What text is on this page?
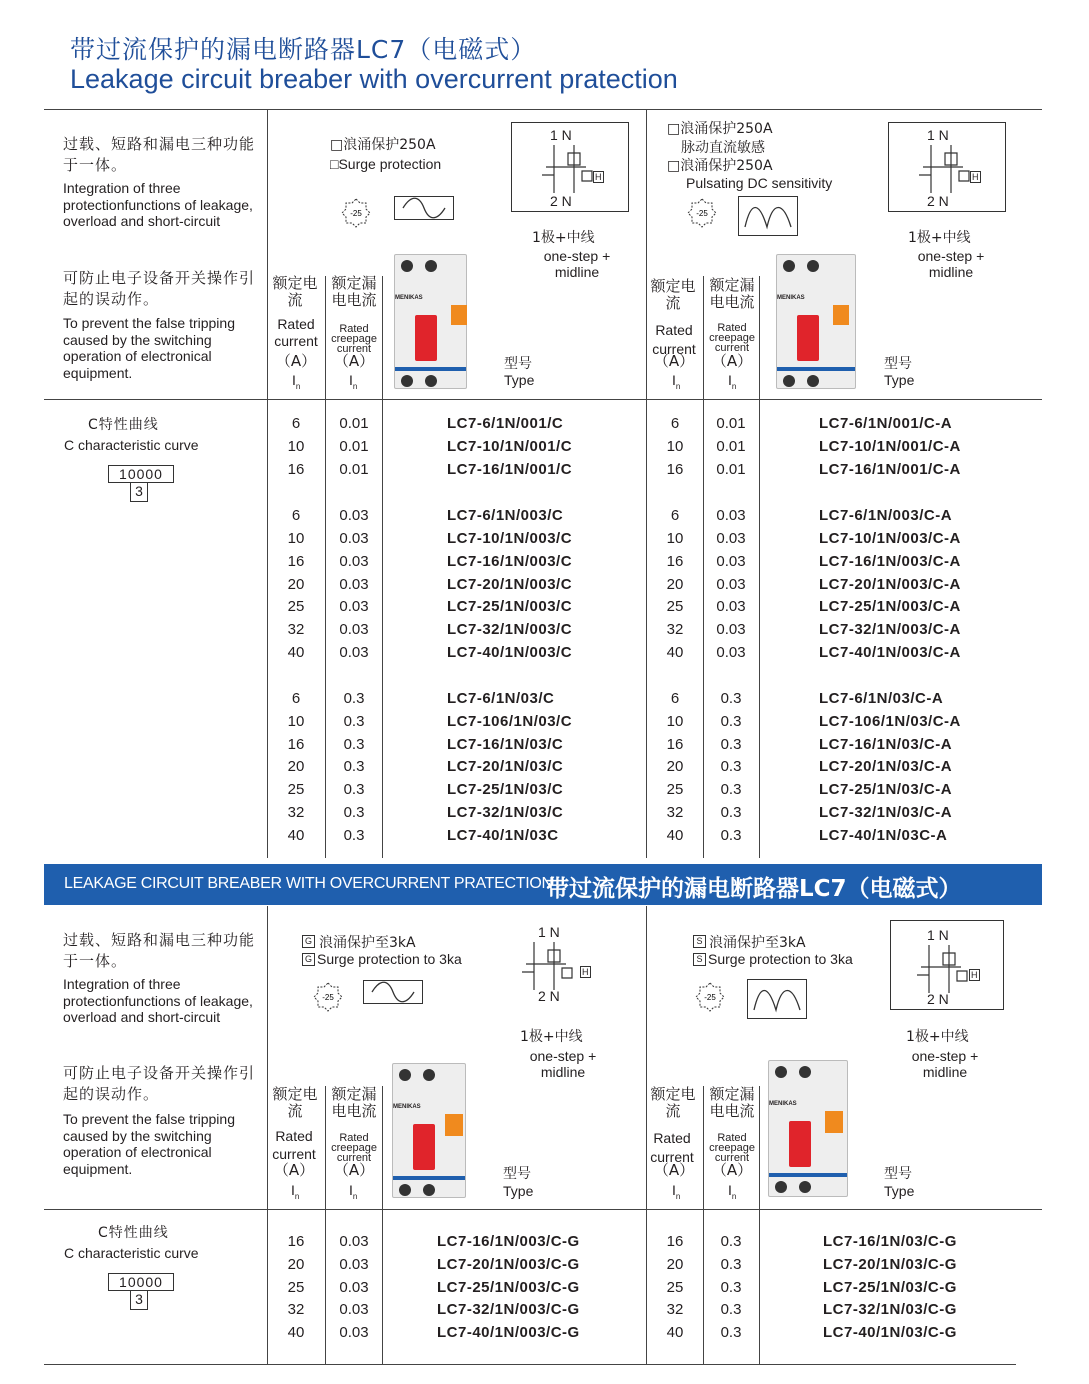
带过流保护的漏电断路器LC7（电磁式）
Leakage circuit breaber with overcurrent pratection
过载、短路和漏电三种功能于一体。
Integration of three protectionfunctions of leakage, overload and short-circuit
可防止电子设备开关操作引起的误动作。
To prevent the false tripping caused by the switching operation of electronical equipment.
□浪涌保护250A
□Surge protection
-25
1 N
H
2 N
1极+中线
one-step + midline
MENIKAS
额定电流
Rated current
（A）
$I_n$
额定漏电电流
Rated creepage current
（A）
$I_n$
型号
Type
□浪涌保护250A
脉动直流敏感
□浪涌保护250A
Pulsating DC sensitivity
-25
1 N
H
2 N
1极+中线
one-step + midline
MENIKAS
额定电流
Rated current
（A）
$I_n$
额定漏电电流
Rated creepage current
（A）
$I_n$
型号
Type
C特性曲线
C characteristic curve
10000
3
6	0.01	LC7-6/1N/001/C
10	0.01	LC7-10/1N/001/C
16	0.01	LC7-16/1N/001/C
6	0.03	LC7-6/1N/003/C
10	0.03	LC7-10/1N/003/C
16	0.03	LC7-16/1N/003/C
20	0.03	LC7-20/1N/003/C
25	0.03	LC7-25/1N/003/C
32	0.03	LC7-32/1N/003/C
40	0.03	LC7-40/1N/003/C
6	0.3	LC7-6/1N/03/C
10	0.3	LC7-106/1N/03/C
16	0.3	LC7-16/1N/03/C
20	0.3	LC7-20/1N/03/C
25	0.3	LC7-25/1N/03/C
32	0.3	LC7-32/1N/03/C
40	0.3	LC7-40/1N/03C
6	0.01	LC7-6/1N/001/C-A
10	0.01	LC7-10/1N/001/C-A
16	0.01	LC7-16/1N/001/C-A
6	0.03	LC7-6/1N/003/C-A
10	0.03	LC7-10/1N/003/C-A
16	0.03	LC7-16/1N/003/C-A
20	0.03	LC7-20/1N/003/C-A
25	0.03	LC7-25/1N/003/C-A
32	0.03	LC7-32/1N/003/C-A
40	0.03	LC7-40/1N/003/C-A
6	0.3	LC7-6/1N/03/C-A
10	0.3	LC7-106/1N/03/C-A
16	0.3	LC7-16/1N/03/C-A
20	0.3	LC7-20/1N/03/C-A
25	0.3	LC7-25/1N/03/C-A
32	0.3	LC7-32/1N/03/C-A
40	0.3	LC7-40/1N/03C-A
LEAKAGE CIRCUIT BREABER WITH OVERCURRENT PRATECTION
带过流保护的漏电断路器LC7（电磁式）
过载、短路和漏电三种功能于一体。
Integration of three protectionfunctions of leakage, overload and short-circuit
可防止电子设备开关操作引起的误动作。
To prevent the false tripping caused by the switching operation of electronical equipment.
G 浪涌保护至3kA
G Surge protection to 3ka
-25
1 N
H
2 N
1极+中线
one-step + midline
MENIKAS
额定电流
Rated current
（A）
$I_n$
额定漏电电流
Rated creepage current
（A）
$I_n$
型号
Type
S 浪涌保护至3kA
S Surge protection to 3ka
-25
1 N
H
2 N
1极+中线
one-step + midline
MENIKAS
额定电流
Rated current
（A）
$I_n$
额定漏电电流
Rated creepage current
（A）
$I_n$
型号
Type
C特性曲线
C characteristic curve
10000
3
16	0.03	LC7-16/1N/003/C-G
20	0.03	LC7-20/1N/003/C-G
25	0.03	LC7-25/1N/003/C-G
32	0.03	LC7-32/1N/003/C-G
40	0.03	LC7-40/1N/003/C-G
16	0.3	LC7-16/1N/03/C-G
20	0.3	LC7-20/1N/03/C-G
25	0.3	LC7-25/1N/03/C-G
32	0.3	LC7-32/1N/03/C-G
40	0.3	LC7-40/1N/03/C-G
